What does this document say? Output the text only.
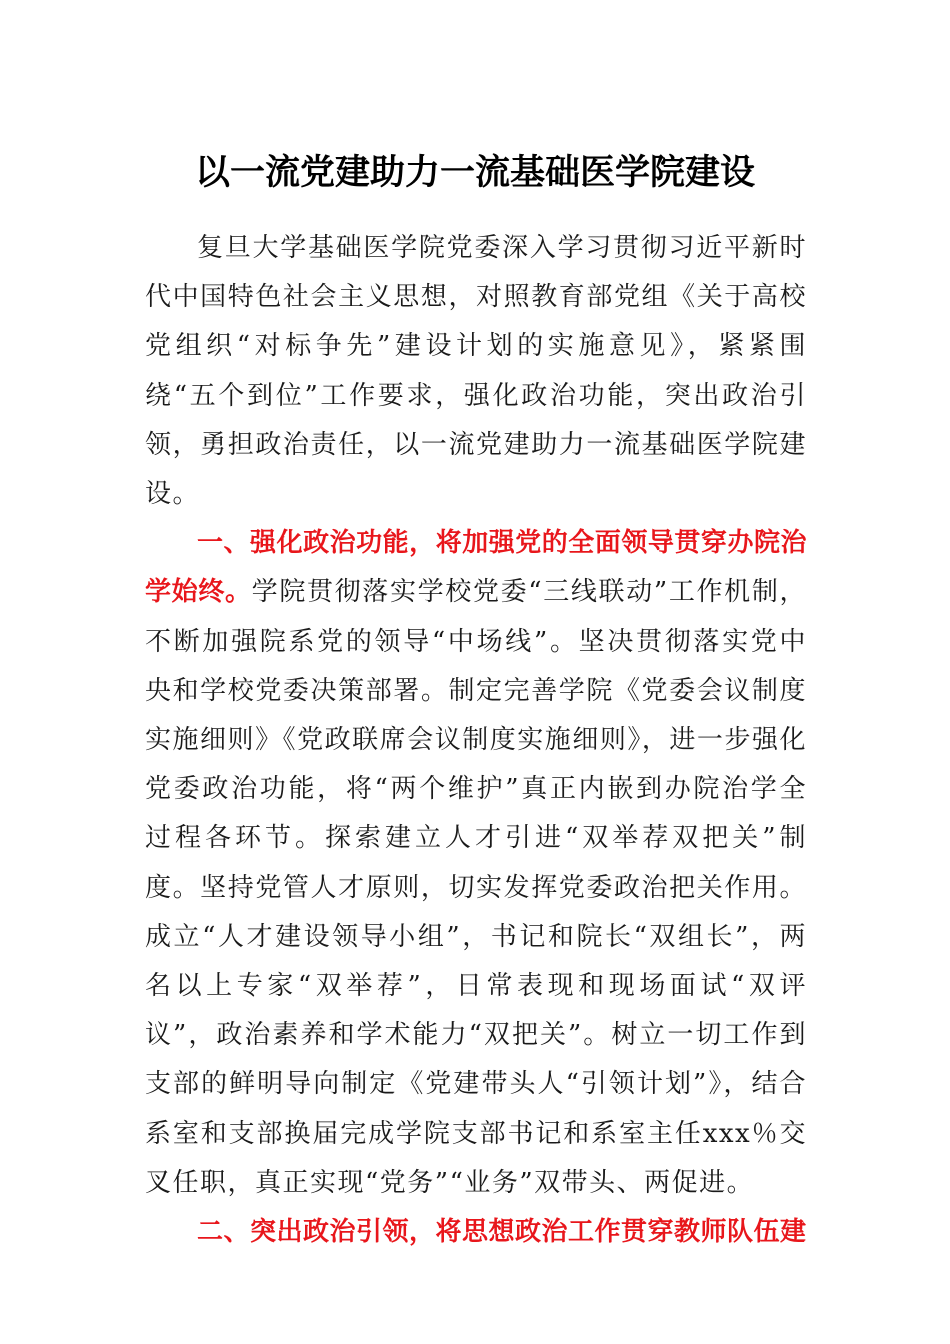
以一流党建助力一流基础医学院建设

复旦大学基础医学院党委深入学习贯彻习近平新时代中国特色社会主义思想，对照教育部党组《关于高校党组织“对标争先”建设计划的实施意见》，紧紧围绕“五个到位”工作要求，强化政治功能，突出政治引领，勇担政治责任，以一流党建助力一流基础医学院建设。

一、强化政治功能，将加强党的全面领导贯穿办院治学始终。学院贯彻落实学校党委“三线联动”工作机制，不断加强院系党的领导“中场线”。坚决贯彻落实党中央和学校党委决策部署。制定完善学院《党委会议制度实施细则》《党政联席会议制度实施细则》，进一步强化党委政治功能，将“两个维护”真正内嵌到办院治学全过程各环节。探索建立人才引进“双举荐双把关”制度。坚持党管人才原则，切实发挥党委政治把关作用。成立“人才建设领导小组”，书记和院长“双组长”，两名以上专家“双举荐”，日常表现和现场面试“双评议”，政治素养和学术能力“双把关”。树立一切工作到支部的鲜明导向制定《党建带头人“引领计划”》，结合系室和支部换届完成学院支部书记和系室主任xxx％交叉任职，真正实现“党务”“业务”双带头、两促进。

二、突出政治引领，将思想政治工作贯穿教师队伍建
